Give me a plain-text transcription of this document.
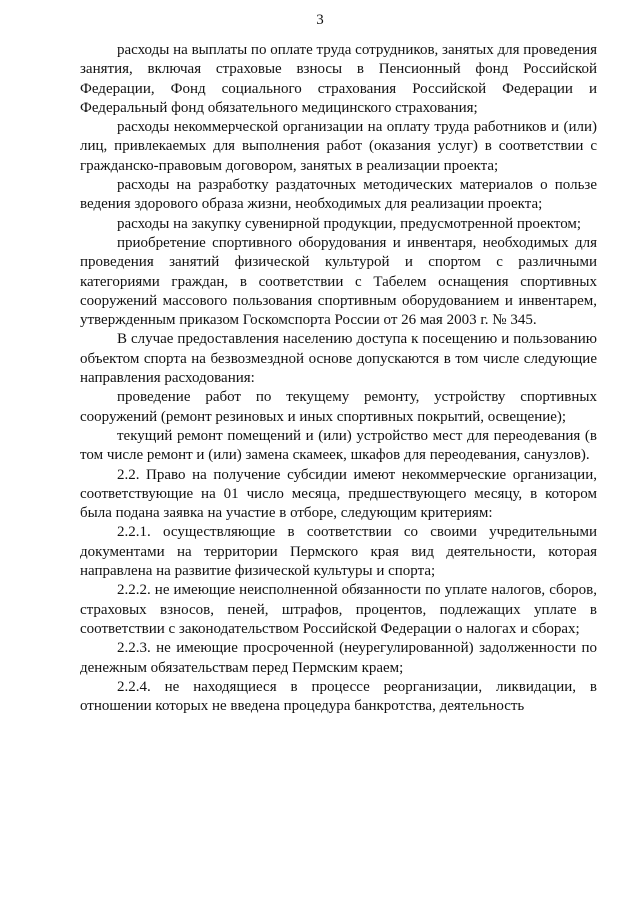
3

расходы на выплаты по оплате труда сотрудников, занятых для проведения занятия, включая страховые взносы в Пенсионный фонд Российской Федерации, Фонд социального страхования Российской Федерации и Федеральный фонд обязательного медицинского страхования;

расходы некоммерческой организации на оплату труда работников и (или) лиц, привлекаемых для выполнения работ (оказания услуг) в соответствии с гражданско-правовым договором, занятых в реализации проекта;

расходы на разработку раздаточных методических материалов о пользе ведения здорового образа жизни, необходимых для реализации проекта;

расходы на закупку сувенирной продукции, предусмотренной проектом;

приобретение спортивного оборудования и инвентаря, необходимых для проведения занятий физической культурой и спортом с различными категориями граждан, в соответствии с Табелем оснащения спортивных сооружений массового пользования спортивным оборудованием и инвентарем, утвержденным приказом Госкомспорта России от 26 мая 2003 г. № 345.

В случае предоставления населению доступа к посещению и пользованию объектом спорта на безвозмездной основе допускаются в том числе следующие направления расходования:

проведение работ по текущему ремонту, устройству спортивных сооружений (ремонт резиновых и иных спортивных покрытий, освещение);

текущий ремонт помещений и (или) устройство мест для переодевания (в том числе ремонт и (или) замена скамеек, шкафов для переодевания, санузлов).

2.2. Право на получение субсидии имеют некоммерческие организации, соответствующие на 01 число месяца, предшествующего месяцу, в котором была подана заявка на участие в отборе, следующим критериям:

2.2.1. осуществляющие в соответствии со своими учредительными документами на территории Пермского края вид деятельности, которая направлена на развитие физической культуры и спорта;

2.2.2. не имеющие неисполненной обязанности по уплате налогов, сборов, страховых взносов, пеней, штрафов, процентов, подлежащих уплате в соответствии с законодательством Российской Федерации о налогах и сборах;

2.2.3. не имеющие просроченной (неурегулированной) задолженности по денежным обязательствам перед Пермским краем;

2.2.4. не находящиеся в процессе реорганизации, ликвидации, в отношении которых не введена процедура банкротства, деятельность
